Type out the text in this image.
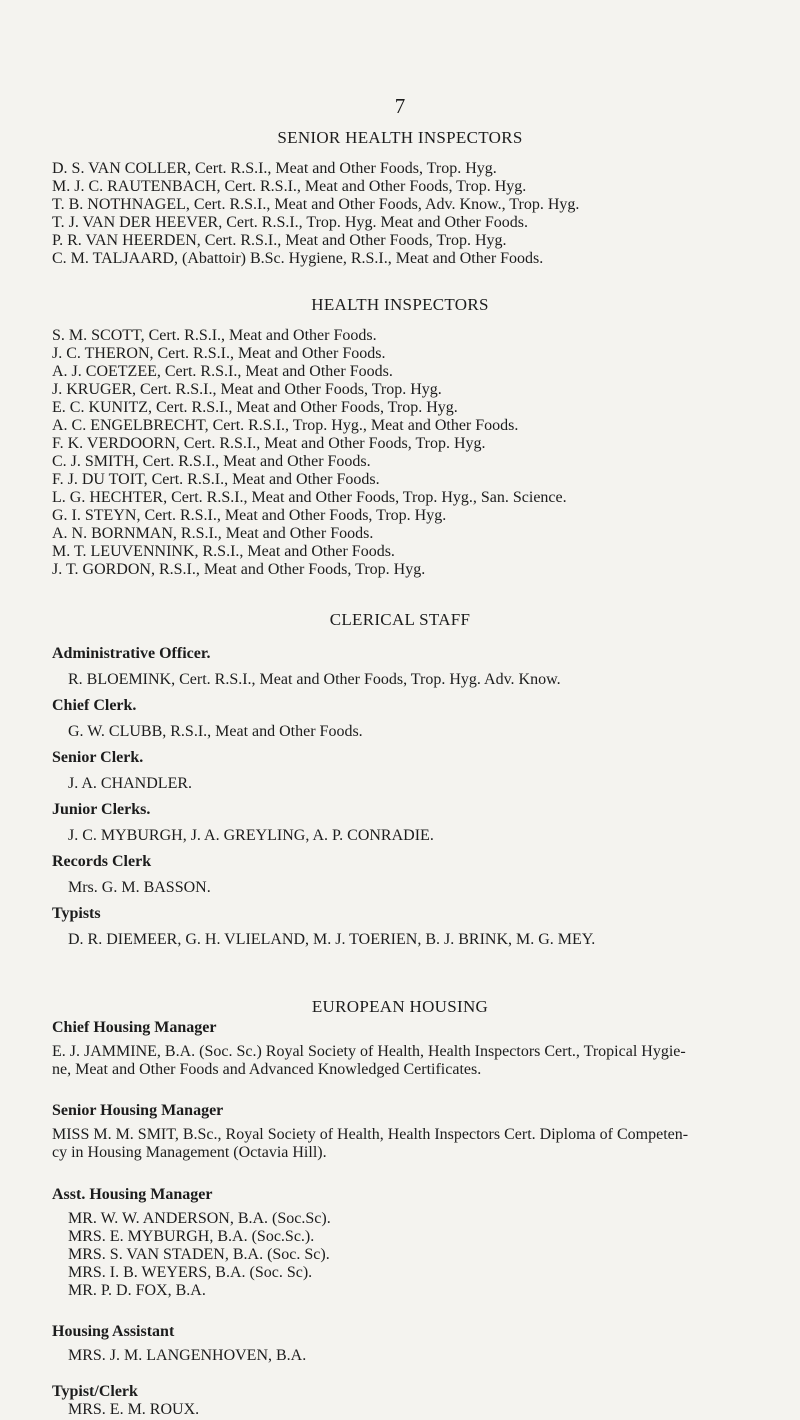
7
SENIOR HEALTH INSPECTORS
D. S. VAN COLLER, Cert. R.S.I., Meat and Other Foods, Trop. Hyg.
M. J. C. RAUTENBACH, Cert. R.S.I., Meat and Other Foods, Trop. Hyg.
T. B. NOTHNAGEL, Cert. R.S.I., Meat and Other Foods, Adv. Know., Trop. Hyg.
T. J. VAN DER HEEVER, Cert. R.S.I., Trop. Hyg. Meat and Other Foods.
P. R. VAN HEERDEN, Cert. R.S.I., Meat and Other Foods, Trop. Hyg.
C. M. TALJAARD, (Abattoir) B.Sc. Hygiene, R.S.I., Meat and Other Foods.
HEALTH INSPECTORS
S. M. SCOTT, Cert. R.S.I., Meat and Other Foods.
J. C. THERON, Cert. R.S.I., Meat and Other Foods.
A. J. COETZEE, Cert. R.S.I., Meat and Other Foods.
J. KRUGER, Cert. R.S.I., Meat and Other Foods, Trop. Hyg.
E. C. KUNITZ, Cert. R.S.I., Meat and Other Foods, Trop. Hyg.
A. C. ENGELBRECHT, Cert. R.S.I., Trop. Hyg., Meat and Other Foods.
F. K. VERDOORN, Cert. R.S.I., Meat and Other Foods, Trop. Hyg.
C. J. SMITH, Cert. R.S.I., Meat and Other Foods.
F. J. DU TOIT, Cert. R.S.I., Meat and Other Foods.
L. G. HECHTER, Cert. R.S.I., Meat and Other Foods, Trop. Hyg., San. Science.
G. I. STEYN, Cert. R.S.I., Meat and Other Foods, Trop. Hyg.
A. N. BORNMAN, R.S.I., Meat and Other Foods.
M. T. LEUVENNINK, R.S.I., Meat and Other Foods.
J. T. GORDON, R.S.I., Meat and Other Foods, Trop. Hyg.
CLERICAL STAFF
Administrative Officer.
R. BLOEMINK, Cert. R.S.I., Meat and Other Foods, Trop. Hyg. Adv. Know.
Chief Clerk.
G. W. CLUBB, R.S.I., Meat and Other Foods.
Senior Clerk.
J. A. CHANDLER.
Junior Clerks.
J. C. MYBURGH, J. A. GREYLING, A. P. CONRADIE.
Records Clerk
Mrs. G. M. BASSON.
Typists
D. R. DIEMEER, G. H. VLIELAND, M. J. TOERIEN, B. J. BRINK, M. G. MEY.
EUROPEAN HOUSING
Chief Housing Manager
E. J. JAMMINE, B.A. (Soc. Sc.) Royal Society of Health, Health Inspectors Cert., Tropical Hygie-
ne, Meat and Other Foods and Advanced Knowledged Certificates.
Senior Housing Manager
MISS M. M. SMIT, B.Sc., Royal Society of Health, Health Inspectors Cert. Diploma of Competen-
cy in Housing Management (Octavia Hill).
Asst. Housing Manager
MR. W. W. ANDERSON, B.A. (Soc.Sc).
MRS. E. MYBURGH, B.A. (Soc.Sc.).
MRS. S. VAN STADEN, B.A. (Soc. Sc).
MRS. I. B. WEYERS, B.A. (Soc. Sc).
MR. P. D. FOX, B.A.
Housing Assistant
MRS. J. M. LANGENHOVEN, B.A.
Typist/Clerk
MRS. E. M. ROUX.
